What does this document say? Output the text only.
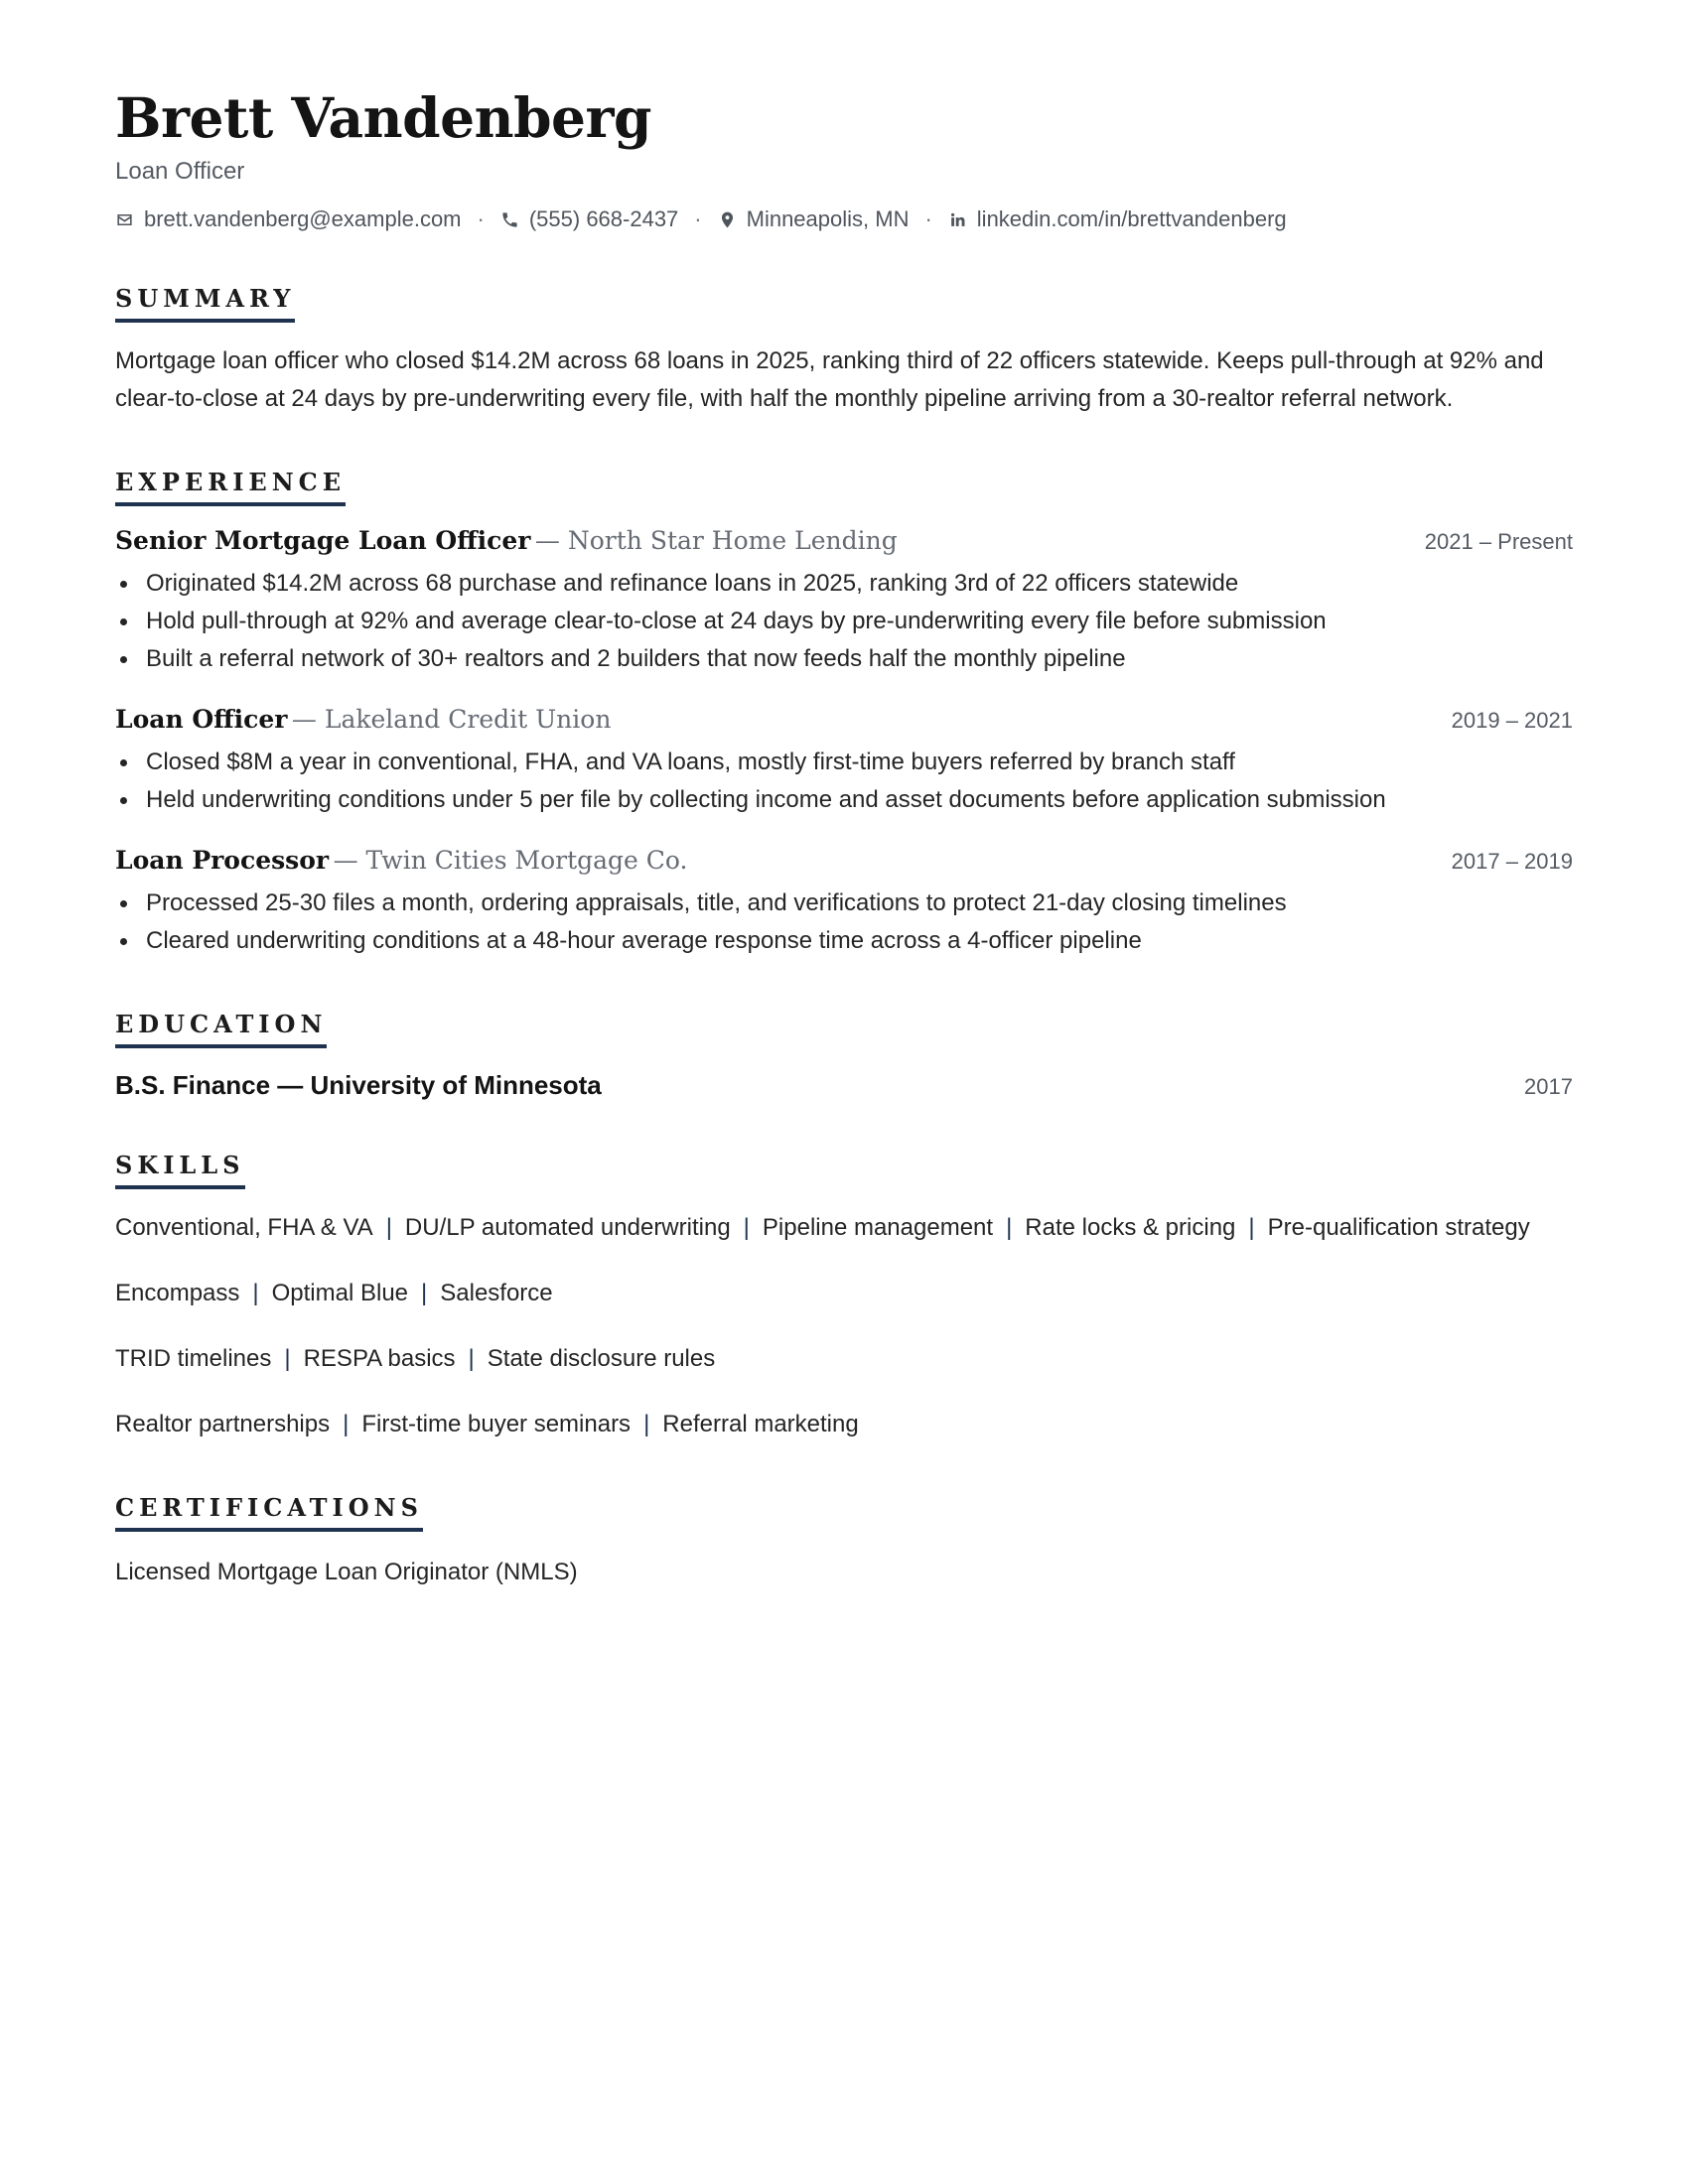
Brett Vandenberg
Loan Officer
brett.vandenberg@example.com · (555) 668-2437 · Minneapolis, MN · linkedin.com/in/brettvandenberg
SUMMARY

Mortgage loan officer who closed $14.2M across 68 loans in 2025, ranking third of 22 officers statewide. Keeps pull-through at 92% and clear-to-close at 24 days by pre-underwriting every file, with half the monthly pipeline arriving from a 30-realtor referral network.

EXPERIENCE
Senior Mortgage Loan Officer — North Star Home Lending	2021 – Present
Originated $14.2M across 68 purchase and refinance loans in 2025, ranking 3rd of 22 officers statewide
Hold pull-through at 92% and average clear-to-close at 24 days by pre-underwriting every file before submission
Built a referral network of 30+ realtors and 2 builders that now feeds half the monthly pipeline
Loan Officer — Lakeland Credit Union	2019 – 2021
Closed $8M a year in conventional, FHA, and VA loans, mostly first-time buyers referred by branch staff
Held underwriting conditions under 5 per file by collecting income and asset documents before application submission
Loan Processor — Twin Cities Mortgage Co.	2017 – 2019
Processed 25-30 files a month, ordering appraisals, title, and verifications to protect 21-day closing timelines
Cleared underwriting conditions at a 48-hour average response time across a 4-officer pipeline
EDUCATION
B.S. Finance — University of Minnesota	2017
SKILLS

Conventional, FHA & VA | DU/LP automated underwriting | Pipeline management | Rate locks & pricing | Pre-qualification strategy

Encompass | Optimal Blue | Salesforce

TRID timelines | RESPA basics | State disclosure rules

Realtor partnerships | First-time buyer seminars | Referral marketing

CERTIFICATIONS

Licensed Mortgage Loan Originator (NMLS)
